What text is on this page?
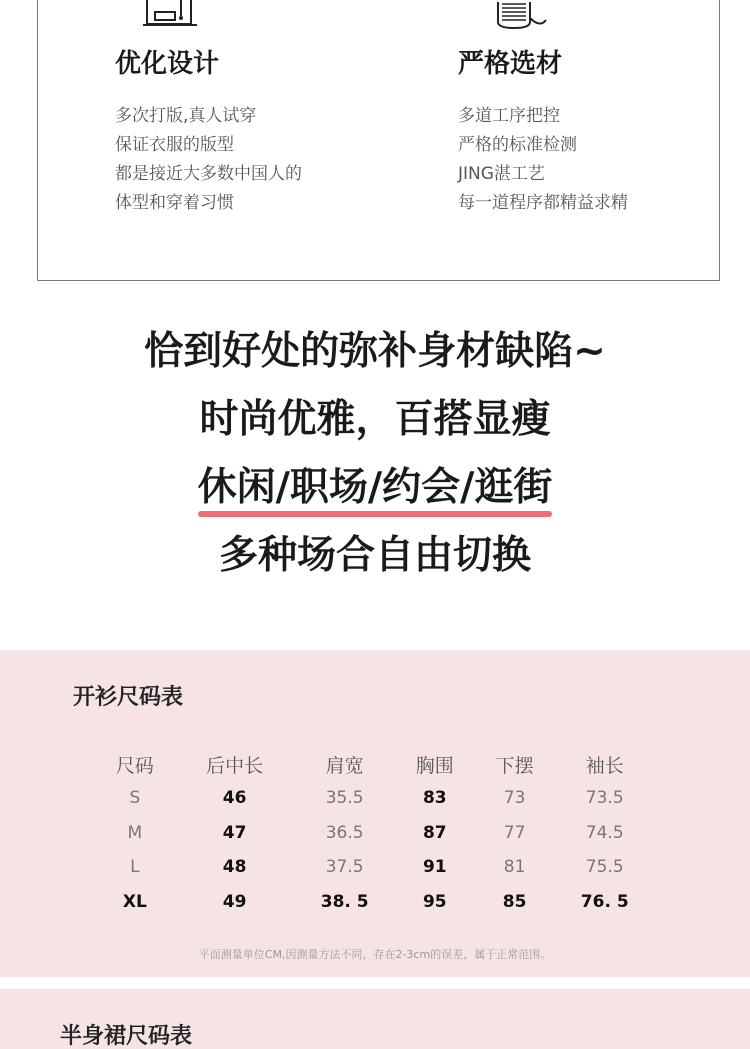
优化设计
多次打版,真人试穿
保证衣服的版型
都是接近大多数中国人的
体型和穿着习惯
严格选材
多道工序把控
严格的标准检测
JING湛工艺
每一道程序都精益求精
恰到好处的弥补身材缺陷~
时尚优雅，百搭显瘦
休闲/职场/约会/逛街
多种场合自由切换
开衫尺码表
尺码	后中长	肩宽	胸围	下摆	袖长
S	46	35.5	83	73	73.5
M	47	36.5	87	77	74.5
L	48	37.5	91	81	75.5
XL	49	38. 5	95	85	76. 5
平面测量单位CM,因测量方法不同，存在2-3cm的误差，属于正常范围。
半身裙尺码表
